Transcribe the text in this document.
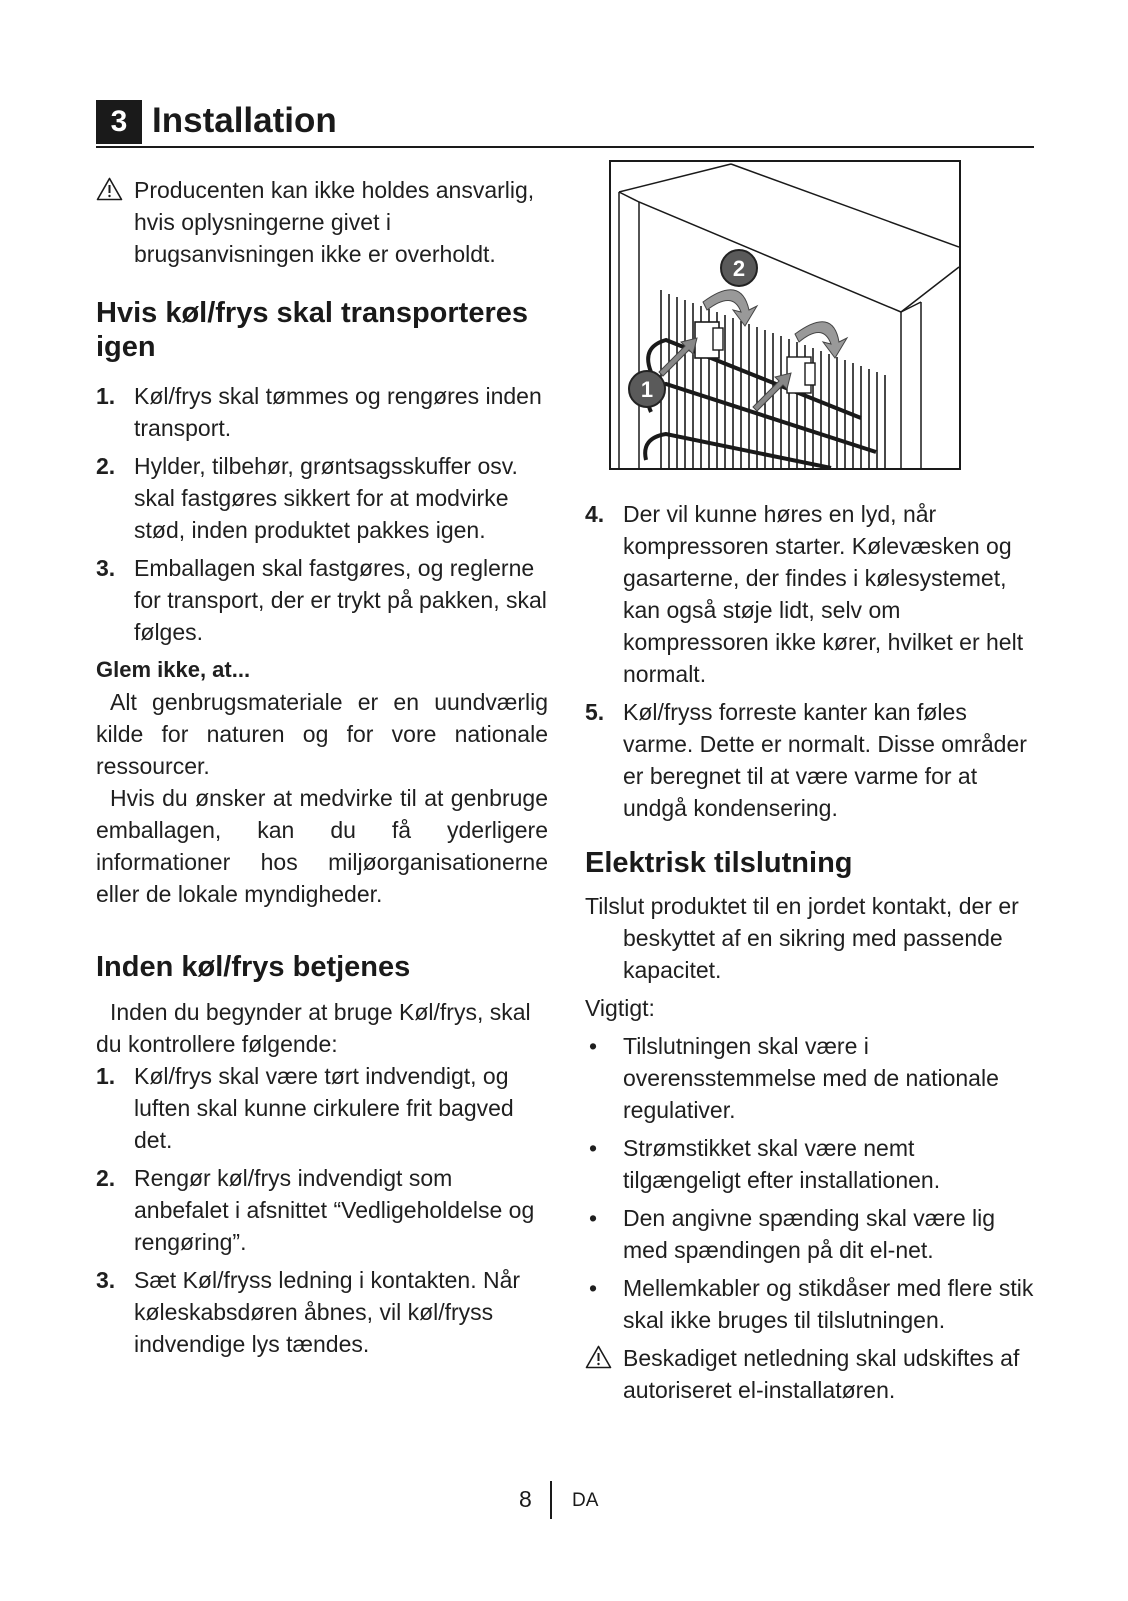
3 Installation
Producenten kan ikke holdes ansvarlig, hvis oplysningerne givet i brugsanvisningen ikke er overholdt.
Hvis køl/frys skal transporteres igen
1. Køl/frys skal tømmes og rengøres inden transport.
2. Hylder, tilbehør, grøntsagsskuffer osv. skal fastgøres sikkert for at modvirke stød, inden produktet pakkes igen.
3. Emballagen skal fastgøres, og reglerne for transport, der er trykt på pakken, skal følges.
Glem ikke, at...
Alt genbrugsmateriale er en uundværlig kilde for naturen og for vore nationale ressourcer.
Hvis du ønsker at medvirke til at genbruge emballagen, kan du få yderligere informationer hos miljøorganisationerne eller de lokale myndigheder.
Inden køl/frys betjenes
Inden du begynder at bruge Køl/frys, skal du kontrollere følgende:
1. Køl/frys skal være tørt indvendigt, og luften skal kunne cirkulere frit bagved det.
2. Rengør køl/frys indvendigt som anbefalet i afsnittet “Vedligeholdelse og rengøring”.
3. Sæt Køl/fryss ledning i kontakten. Når køleskabsdøren åbnes, vil køl/fryss indvendige lys tændes.
2
1
4. Der vil kunne høres en lyd, når kompressoren starter. Kølevæsken og gasarterne, der findes i kølesystemet, kan også støje lidt, selv om kompressoren ikke kører, hvilket er helt normalt.
5. Køl/fryss forreste kanter kan føles varme. Dette er normalt. Disse områder er beregnet til at være varme for at undgå kondensering.
Elektrisk tilslutning
Tilslut produktet til en jordet kontakt, der er beskyttet af en sikring med passende kapacitet.
Vigtigt:
• Tilslutningen skal være i overensstemmelse med de nationale regulativer.
• Strømstikket skal være nemt tilgængeligt efter installationen.
• Den angivne spænding skal være lig med spændingen på dit el-net.
• Mellemkabler og stikdåser med flere stik skal ikke bruges til tilslutningen.
Beskadiget netledning skal udskiftes af autoriseret el-installatøren.
8 DA
